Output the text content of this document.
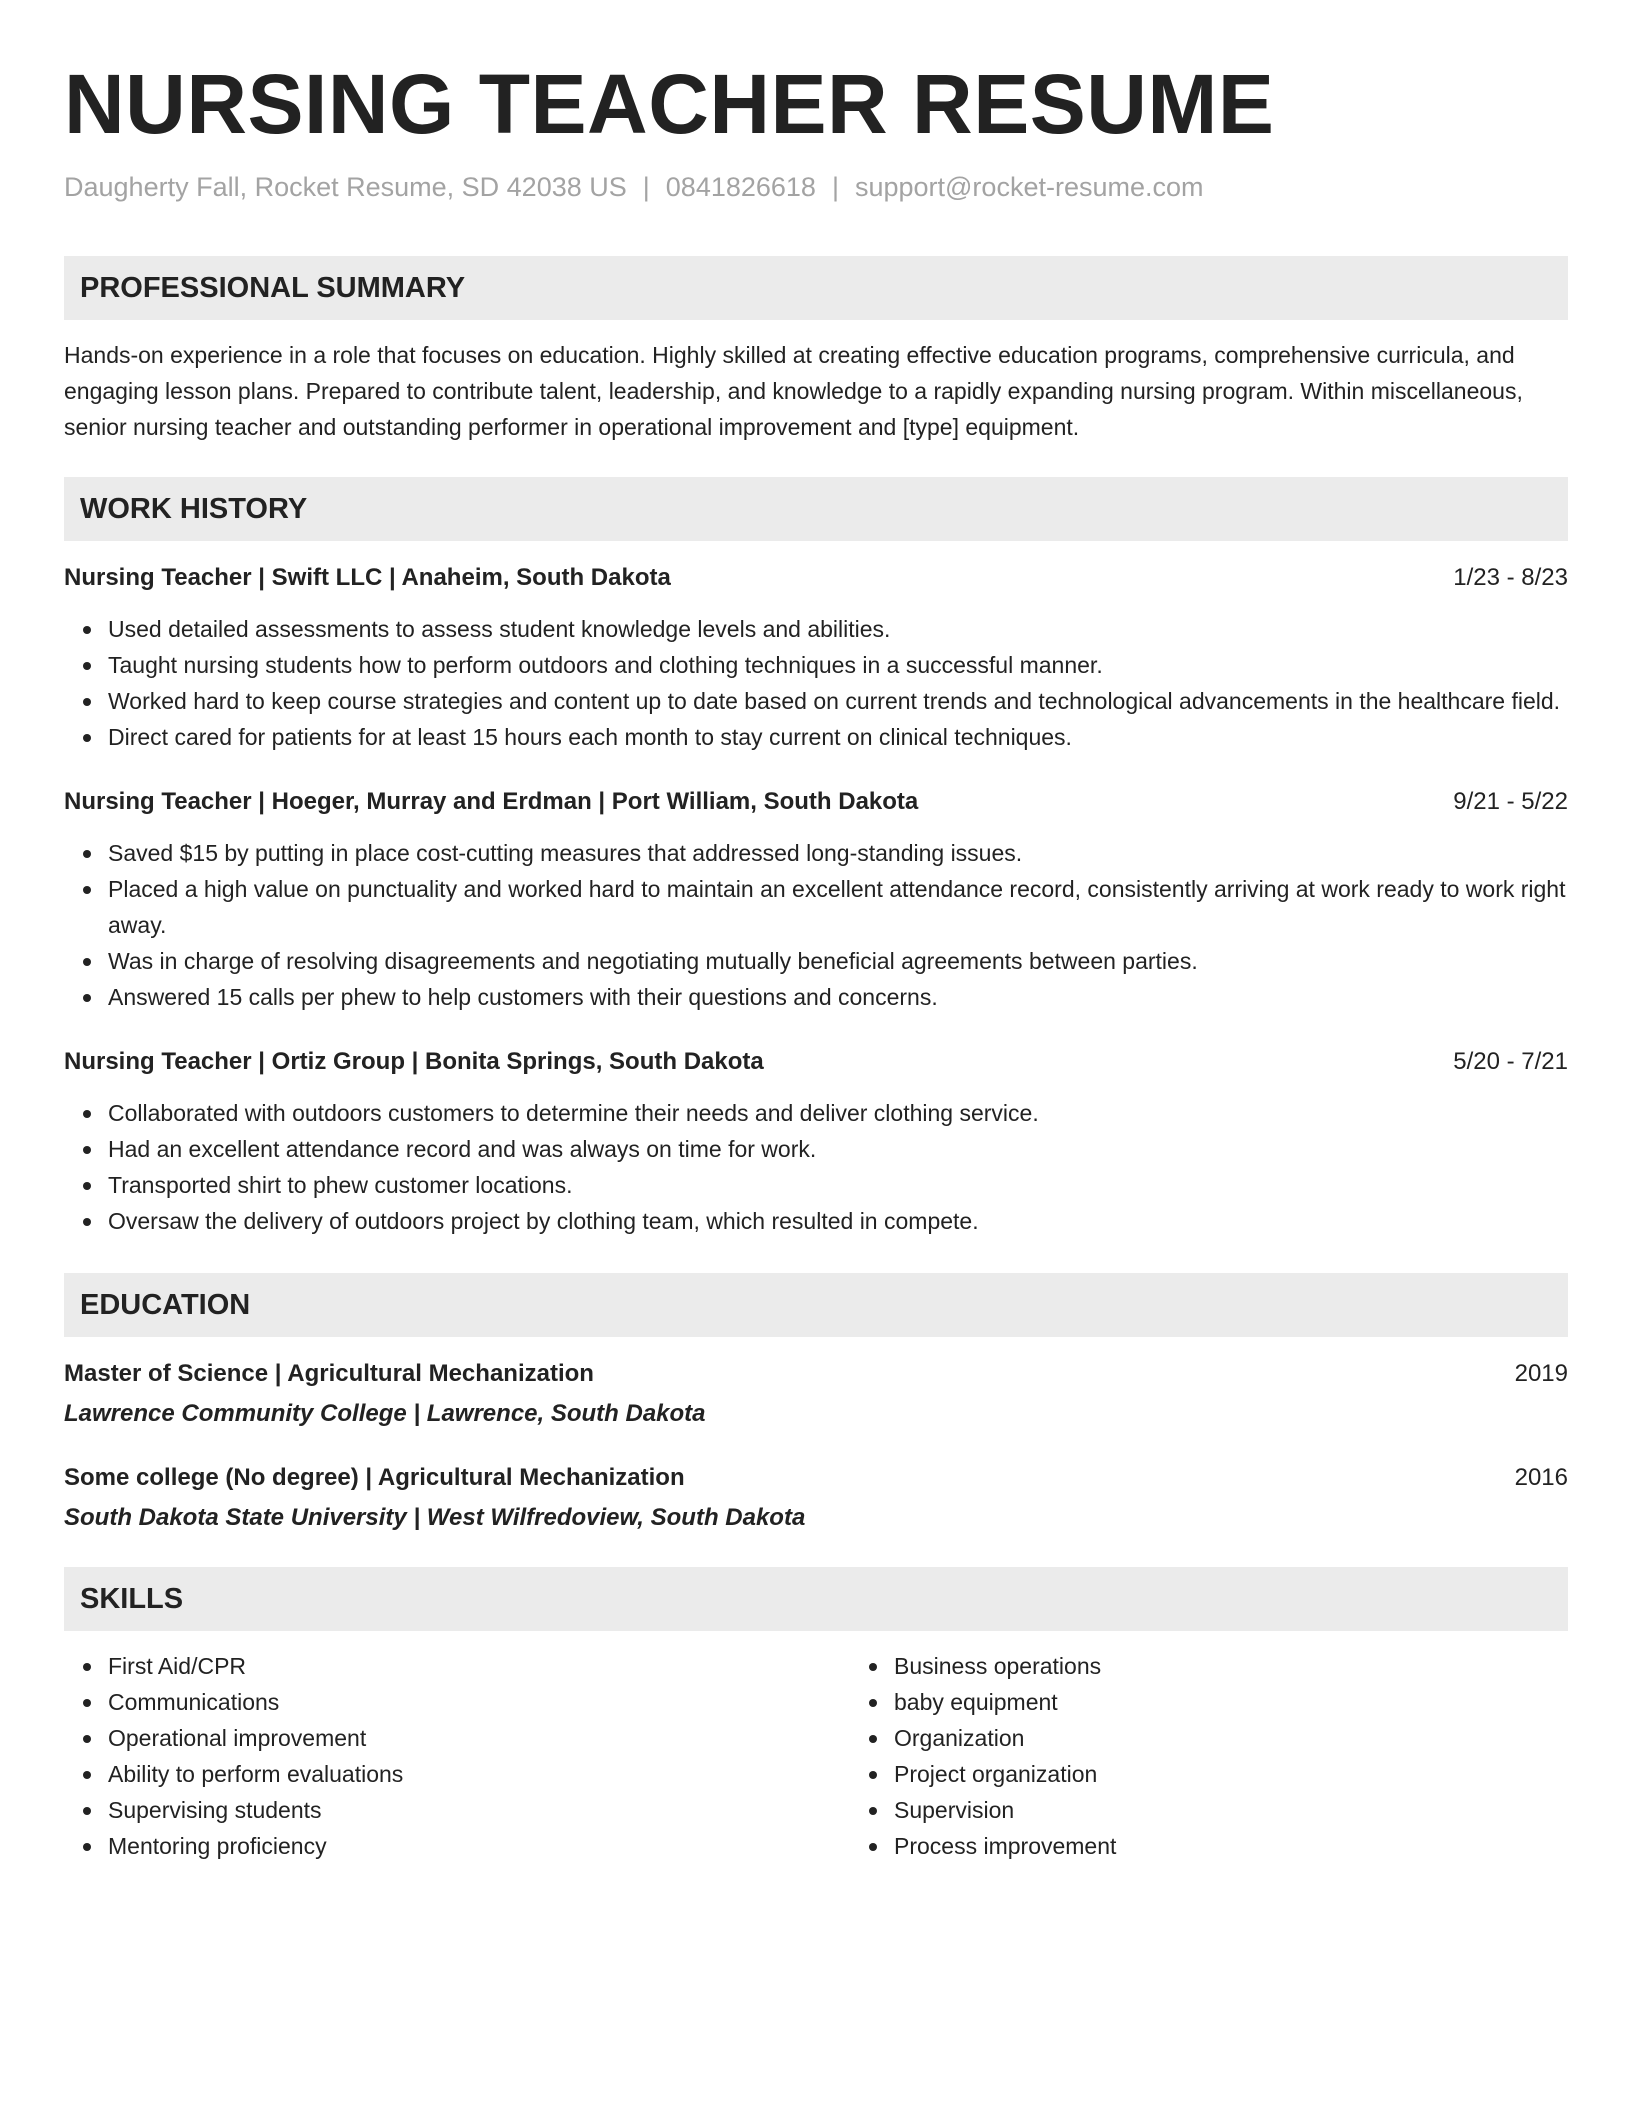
NURSING TEACHER RESUME
Daugherty Fall, Rocket Resume, SD 42038 US | 0841826618 | support@rocket-resume.com
PROFESSIONAL SUMMARY

Hands-on experience in a role that focuses on education. Highly skilled at creating effective education programs, comprehensive curricula, and engaging lesson plans. Prepared to contribute talent, leadership, and knowledge to a rapidly expanding nursing program. Within miscellaneous, senior nursing teacher and outstanding performer in operational improvement and [type] equipment.

WORK HISTORY
Nursing Teacher | Swift LLC | Anaheim, South Dakota	1/23 - 8/23
Used detailed assessments to assess student knowledge levels and abilities.
Taught nursing students how to perform outdoors and clothing techniques in a successful manner.
Worked hard to keep course strategies and content up to date based on current trends and technological advancements in the healthcare field.
Direct cared for patients for at least 15 hours each month to stay current on clinical techniques.
Nursing Teacher | Hoeger, Murray and Erdman | Port William, South Dakota	9/21 - 5/22
Saved $15 by putting in place cost-cutting measures that addressed long-standing issues.
Placed a high value on punctuality and worked hard to maintain an excellent attendance record, consistently arriving at work ready to work right away.
Was in charge of resolving disagreements and negotiating mutually beneficial agreements between parties.
Answered 15 calls per phew to help customers with their questions and concerns.
Nursing Teacher | Ortiz Group | Bonita Springs, South Dakota	5/20 - 7/21
Collaborated with outdoors customers to determine their needs and deliver clothing service.
Had an excellent attendance record and was always on time for work.
Transported shirt to phew customer locations.
Oversaw the delivery of outdoors project by clothing team, which resulted in compete.
EDUCATION
Master of Science | Agricultural Mechanization	2019
Lawrence Community College | Lawrence, South Dakota
Some college (No degree) | Agricultural Mechanization	2016
South Dakota State University | West Wilfredoview, South Dakota
SKILLS
First Aid/CPR
Communications
Operational improvement
Ability to perform evaluations
Supervising students
Mentoring proficiency
Business operations
baby equipment
Organization
Project organization
Supervision
Process improvement
